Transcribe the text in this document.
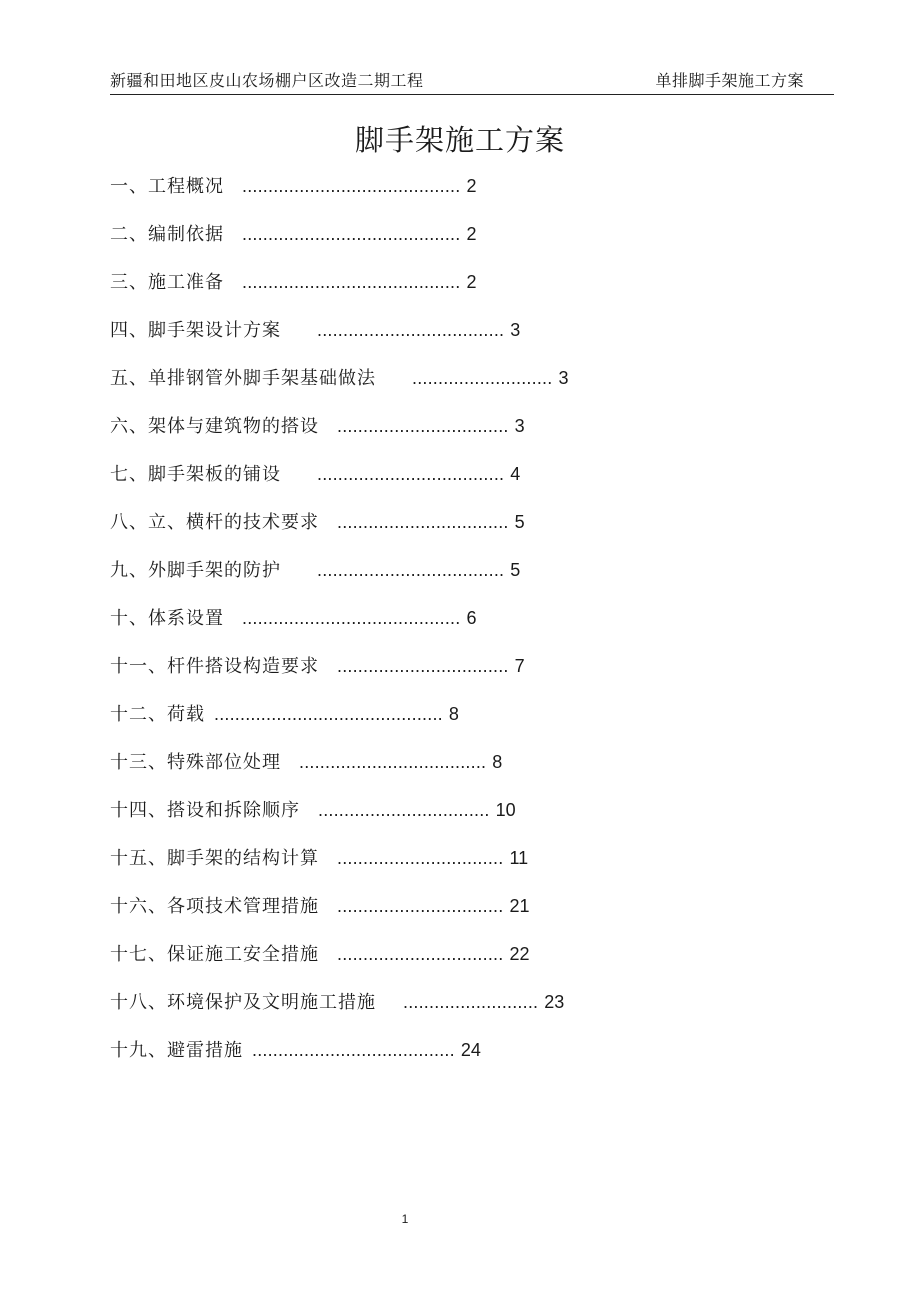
新疆和田地区皮山农场棚户区改造二期工程	单排脚手架施工方案
脚手架施工方案
一、工程概况  .......................................... 2
二、编制依据  .......................................... 2
三、施工准备  .......................................... 2
四、脚手架设计方案   .................................... 3
五、单排钢管外脚手架基础做法   ........................... 3
六、架体与建筑物的搭设  ................................. 3
七、脚手架板的铺设   .................................... 4
八、立、横杆的技术要求  ................................. 5
九、外脚手架的防护   .................................... 5
十、体系设置  .......................................... 6
十一、杆件搭设构造要求  ................................. 7
十二、荷载  ............................................ 8
十三、特殊部位处理  .................................... 8
十四、搭设和拆除顺序  ................................. 10
十五、脚手架的结构计算  ................................ 11
十六、各项技术管理措施  ................................ 21
十七、保证施工安全措施  ................................ 22
十八、环境保护及文明施工措施   .......................... 23
十九、避雷措施  ....................................... 24
1
